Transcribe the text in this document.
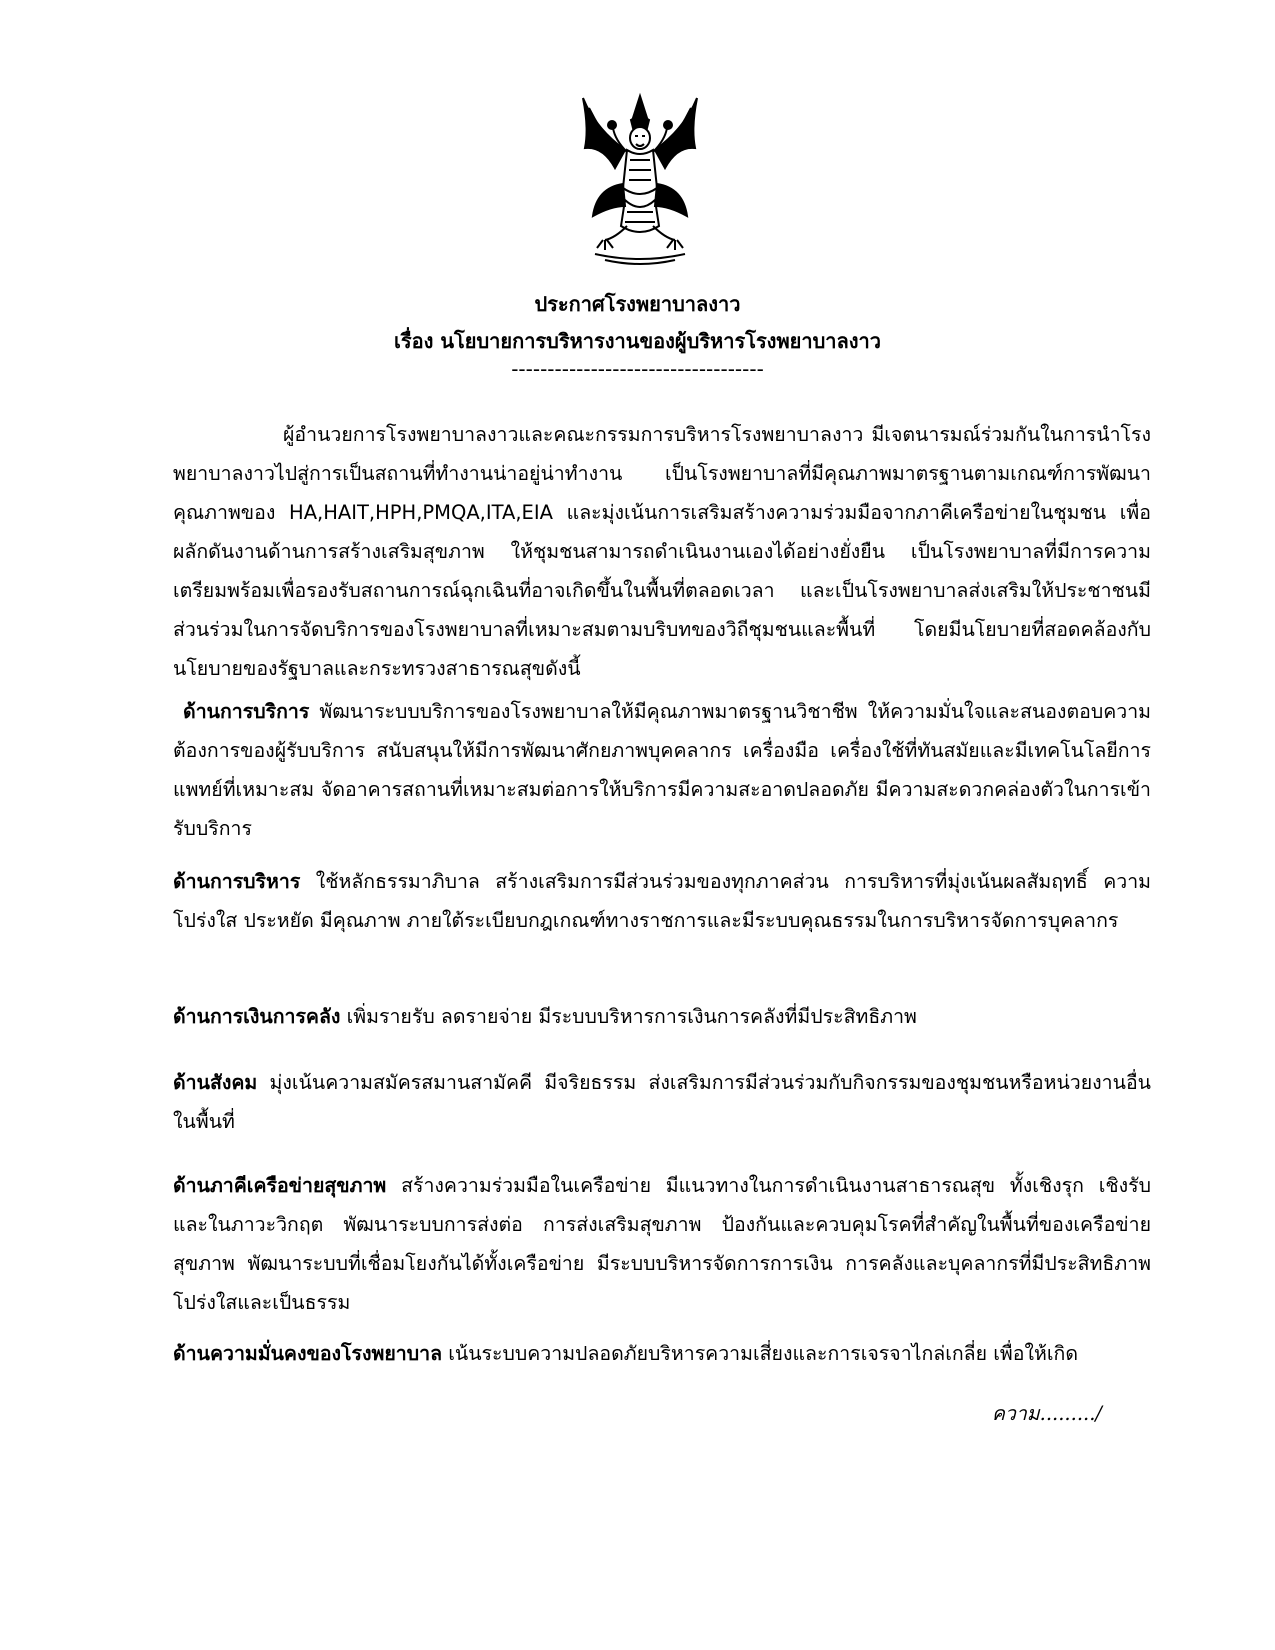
ประกาศโรงพยาบาลงาว
เรื่อง นโยบายการบริหารงานของผู้บริหารโรงพยาบาลงาว
-----------------------------------
ผู้อำนวยการโรงพยาบาลงาวและคณะกรรมการบริหารโรงพยาบาลงาว มีเจตนารมณ์ร่วมกันในการนำโรงพยาบาลงาวไปสู่การเป็นสถานที่ทำงานน่าอยู่น่าทำงาน เป็นโรงพยาบาลที่มีคุณภาพมาตรฐานตามเกณฑ์การพัฒนาคุณภาพของ HA,HAIT,HPH,PMQA,ITA,EIA และมุ่งเน้นการเสริมสร้างความร่วมมือจากภาคีเครือข่ายในชุมชน เพื่อผลักดันงานด้านการสร้างเสริมสุขภาพ ให้ชุมชนสามารถดำเนินงานเองได้อย่างยั่งยืน เป็นโรงพยาบาลที่มีการความเตรียมพร้อมเพื่อรองรับสถานการณ์ฉุกเฉินที่อาจเกิดขึ้นในพื้นที่ตลอดเวลา และเป็นโรงพยาบาลส่งเสริมให้ประชาชนมีส่วนร่วมในการจัดบริการของโรงพยาบาลที่เหมาะสมตามบริบทของวิถีชุมชนและพื้นที่ โดยมีนโยบายที่สอดคล้องกับนโยบายของรัฐบาลและกระทรวงสาธารณสุขดังนี้
ด้านการบริการ พัฒนาระบบบริการของโรงพยาบาลให้มีคุณภาพมาตรฐานวิชาชีพ ให้ความมั่นใจและสนองตอบความต้องการของผู้รับบริการ สนับสนุนให้มีการพัฒนาศักยภาพบุคคลากร เครื่องมือ เครื่องใช้ที่ทันสมัยและมีเทคโนโลยีการแพทย์ที่เหมาะสม จัดอาคารสถานที่เหมาะสมต่อการให้บริการมีความสะอาดปลอดภัย มีความสะดวกคล่องตัวในการเข้ารับบริการ
ด้านการบริหาร ใช้หลักธรรมาภิบาล สร้างเสริมการมีส่วนร่วมของทุกภาคส่วน การบริหารที่มุ่งเน้นผลสัมฤทธิ์ ความโปร่งใส ประหยัด มีคุณภาพ ภายใต้ระเบียบกฎเกณฑ์ทางราชการและมีระบบคุณธรรมในการบริหารจัดการบุคลากร
ด้านการเงินการคลัง เพิ่มรายรับ ลดรายจ่าย มีระบบบริหารการเงินการคลังที่มีประสิทธิภาพ
ด้านสังคม มุ่งเน้นความสมัครสมานสามัคคี มีจริยธรรม ส่งเสริมการมีส่วนร่วมกับกิจกรรมของชุมชนหรือหน่วยงานอื่นในพื้นที่
ด้านภาคีเครือข่ายสุขภาพ สร้างความร่วมมือในเครือข่าย มีแนวทางในการดำเนินงานสาธารณสุข ทั้งเชิงรุก เชิงรับ และในภาวะวิกฤต พัฒนาระบบการส่งต่อ การส่งเสริมสุขภาพ ป้องกันและควบคุมโรคที่สำคัญในพื้นที่ของเครือข่ายสุขภาพ พัฒนาระบบที่เชื่อมโยงกันได้ทั้งเครือข่าย มีระบบบริหารจัดการการเงิน การคลังและบุคลากรที่มีประสิทธิภาพ โปร่งใสและเป็นธรรม
ด้านความมั่นคงของโรงพยาบาล เน้นระบบความปลอดภัยบริหารความเสี่ยงและการเจรจาไกล่เกลี่ย เพื่อให้เกิด
ความ........./
